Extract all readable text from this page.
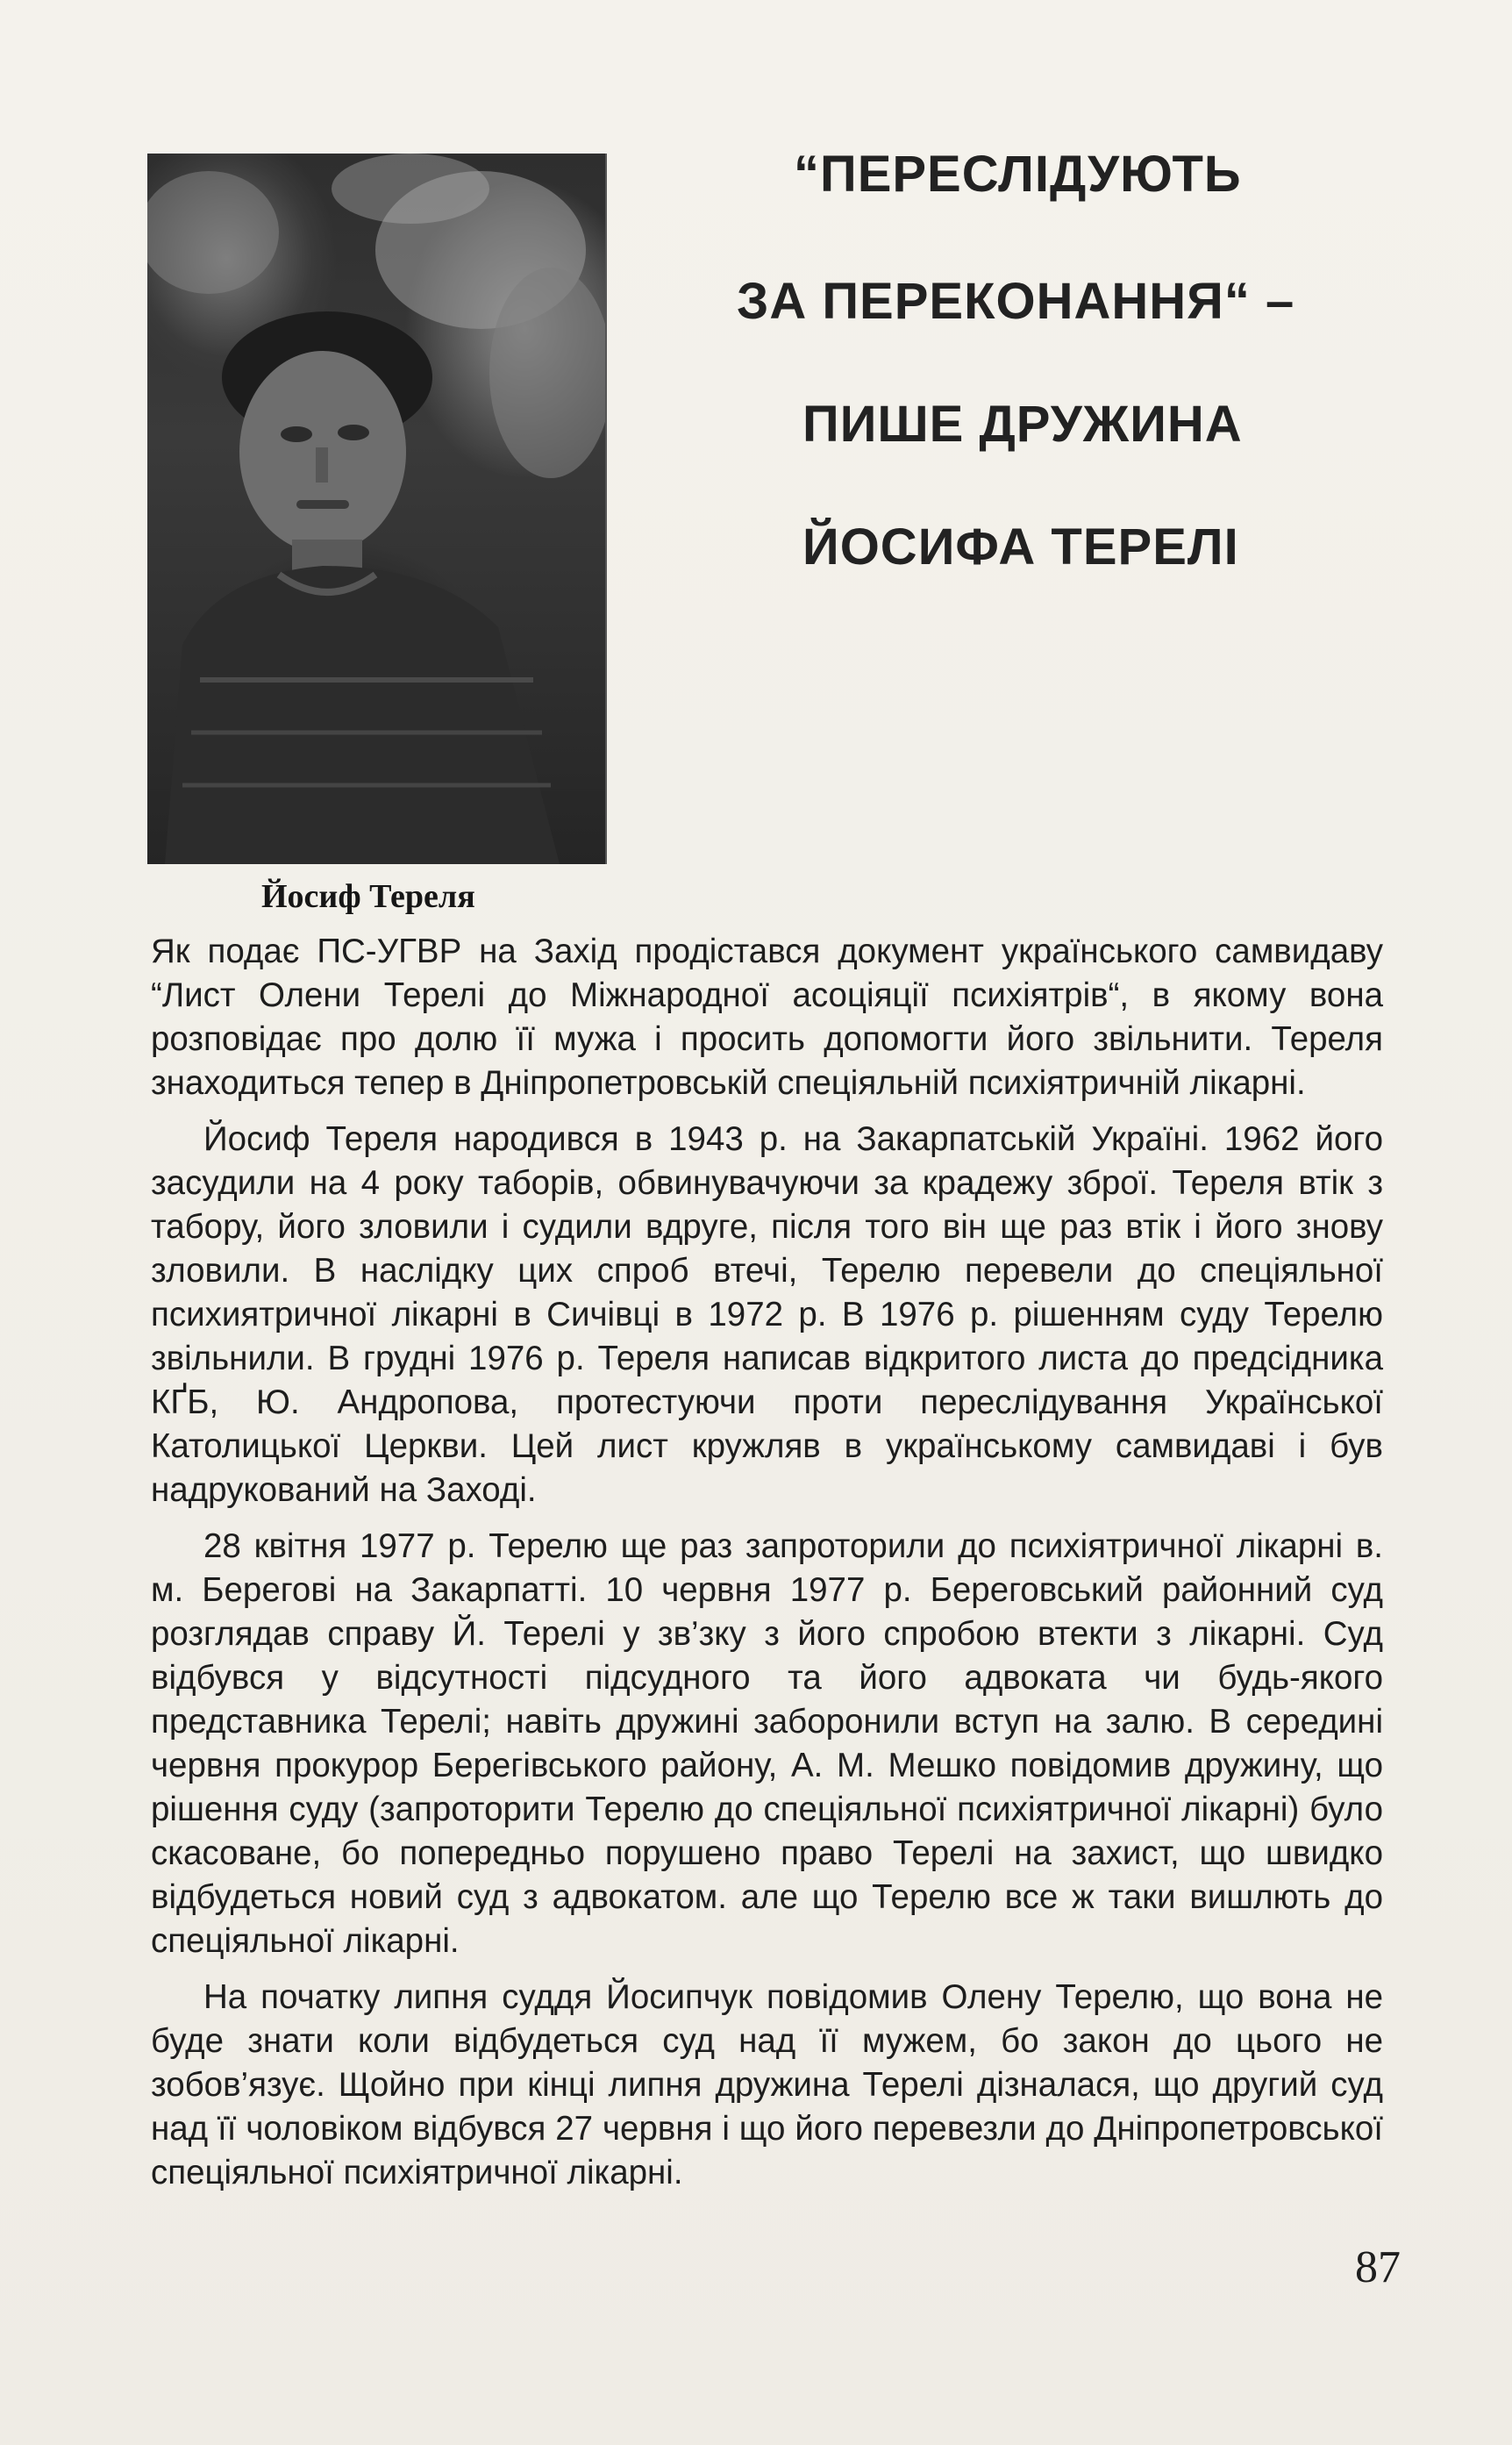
Йосиф Тереля
“ПЕРЕСЛІДУЮТЬ
ЗА ПЕРЕКОНАННЯ“ –
ПИШЕ ДРУЖИНА
ЙОСИФА ТЕРЕЛІ

Як подає ПС-УГВР на Захід продістався документ українського самвидаву “Лист Олени Терелі до Міжнародної асоціяції психіятрів“, в якому вона розповідає про долю її мужа і просить допомогти його звільнити. Тереля знаходиться тепер в Дніпропетровській спеціяльній психіятричній лікарні.

Йосиф Тереля народився в 1943 р. на Закарпатській Україні. 1962 його засудили на 4 року таборів, обвинувачуючи за крадежу зброї. Тереля втік з табору, його зловили і судили вдруге, після того він ще раз втік і його знову зловили. В наслідку цих спроб втечі, Терелю перевели до спеціяльної психиятричної лікарні в Сичівці в 1972 р. В 1976 р. рішенням суду Терелю звільнили. В грудні 1976 р. Тереля написав відкритого листа до предсідника КҐБ, Ю. Андропова, протестуючи проти переслідування Української Католицької Церкви. Цей лист кружляв в українському самвидаві і був надрукований на Заході.

28 квітня 1977 р. Терелю ще раз запроторили до психіятричної лікарні в. м. Берегові на Закарпатті. 10 червня 1977 р. Береговський районний суд розглядав справу Й. Терелі у зв’зку з його спробою втекти з лікарні. Суд відбувся у відсутності підсудного та його адвоката чи будь-якого представника Терелі; навіть дружині заборонили вступ на залю. В середині червня прокурор Берегівського району, А. М. Мешко повідомив дружину, що рішення суду (запроторити Терелю до спеціяльної психіятричної лікарні) було скасоване, бо попередньо порушено право Терелі на захист, що швидко відбудеться новий суд з адвокатом. але що Терелю все ж таки вишлють до спеціяльної лікарні.

На початку липня суддя Йосипчук повідомив Олену Терелю, що вона не буде знати коли відбудеться суд над її мужем, бо закон до цього не зобов’язує. Щойно при кінці липня дружина Терелі дізналася, що другий суд над її чоловіком відбувся 27 червня і що його перевезли до Дніпропетровської спеціяльної психіятричної лікарні.

87
